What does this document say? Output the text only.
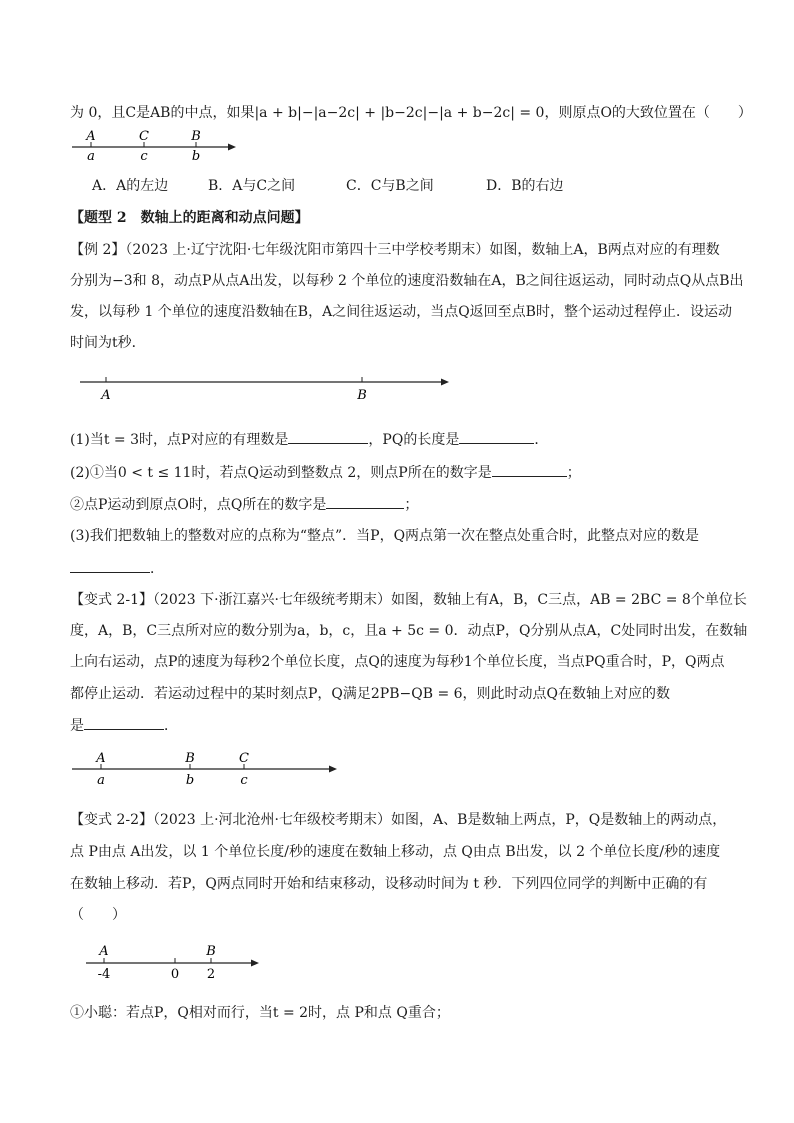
为 0，且C是AB的中点，如果|a + b|−|a−2c| + |b−2c|−|a + b−2c| = 0，则原点O的大致位置在（　　）
A	C	B
a	c	b
A．A的左边	B．A与C之间	C．C与B之间	D．B的右边
【题型 2　数轴上的距离和动点问题】
【例 2】（2023 上·辽宁沈阳·七年级沈阳市第四十三中学校考期末）如图，数轴上A，B两点对应的有理数
分别为−3和 8，动点P从点A出发，以每秒 2 个单位的速度沿数轴在A，B之间往返运动，同时动点Q从点B出
发，以每秒 1 个单位的速度沿数轴在B，A之间往返运动，当点Q返回至点B时，整个运动过程停止．设运动
时间为t秒．
A	B
(1)当t = 3时，点P对应的有理数是	，PQ的长度是	．
(2)①当0 < t ≤ 11时，若点Q运动到整数点 2，则点P所在的数字是	；
②点P运动到原点O时，点Q所在的数字是	；
(3)我们把数轴上的整数对应的点称为“整点”．当P，Q两点第一次在整点处重合时，此整点对应的数是
．
【变式 2-1】（2023 下·浙江嘉兴·七年级统考期末）如图，数轴上有A，B，C三点，AB = 2BC = 8个单位长
度，A，B，C三点所对应的数分别为a，b，c，且a + 5c = 0．动点P，Q分别从点A，C处同时出发，在数轴
上向右运动，点P的速度为每秒2个单位长度，点Q的速度为每秒1个单位长度，当点PQ重合时，P，Q两点
都停止运动．若运动过程中的某时刻点P，Q满足2PB−QB = 6，则此时动点Q在数轴上对应的数
是	．
A	B	C
a	b	c
【变式 2-2】（2023 上·河北沧州·七年级校考期末）如图，A、B是数轴上两点，P，Q是数轴上的两动点，
点 P由点 A出发，以 1 个单位长度/秒的速度在数轴上移动，点 Q由点 B出发，以 2 个单位长度/秒的速度
在数轴上移动．若P，Q两点同时开始和结束移动，设移动时间为 t 秒．下列四位同学的判断中正确的有
（　　）
A	B
-4	0 2
①小聪：若点P，Q相对而行，当t = 2时，点 P和点 Q重合；
